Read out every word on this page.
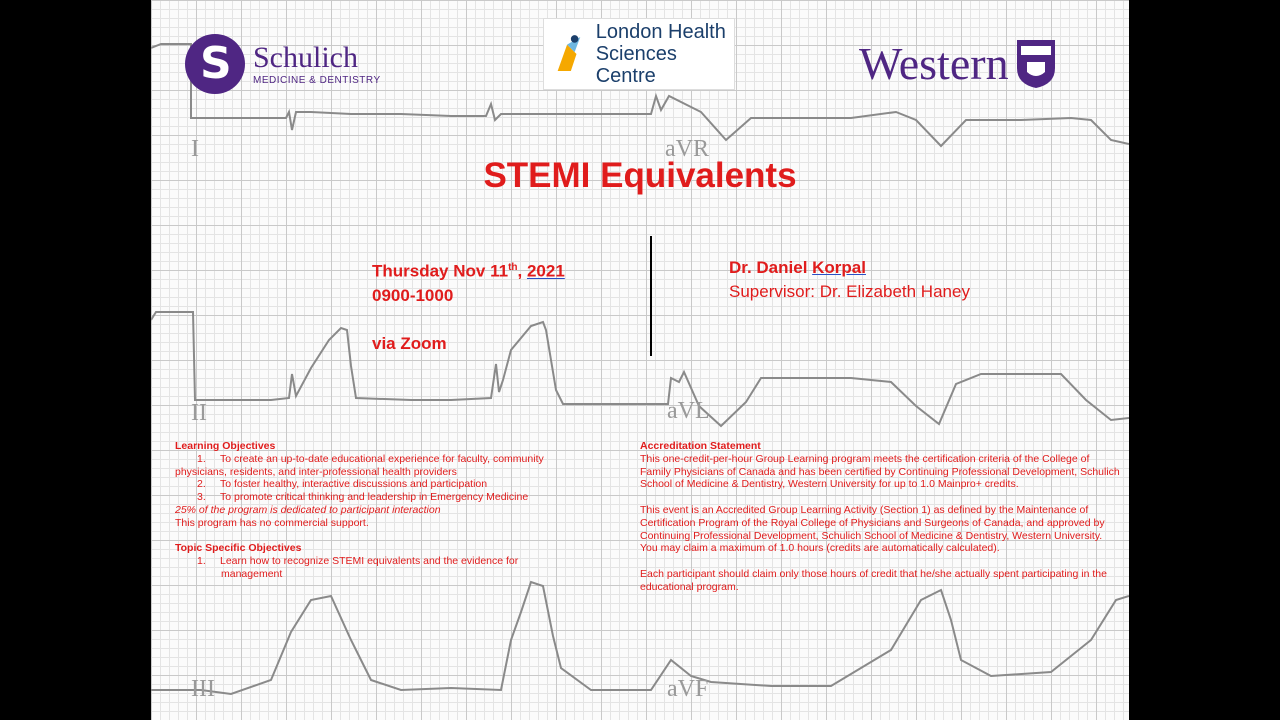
I	aVR
II	aVL
III	aVF
S Schulich
MEDICINE & DENTISTRY
London Health
Sciences Centre	Western
STEMI Equivalents
Thursday Nov 11th, 2021
0900-1000
via Zoom
Dr. Daniel Korpal
Supervisor: Dr. Elizabeth Haney
Learning Objectives
1.	To create an up-to-date educational experience for faculty, community
physicians, residents, and inter-professional health providers
2.	To foster healthy, interactive discussions and participation
3.	To promote critical thinking and leadership in Emergency Medicine
25% of the program is dedicated to participant interaction
This program has no commercial support.
Topic Specific Objectives
1.	Learn how to recognize STEMI equivalents and the evidence for
management
Accreditation Statement
This one-credit-per-hour Group Learning program meets the certification criteria of the College of Family Physicians of Canada and has been certified by Continuing Professional Development, Schulich School of Medicine & Dentistry, Western University for up to 1.0 Mainpro+ credits.
This event is an Accredited Group Learning Activity (Section 1) as defined by the Maintenance of Certification Program of the Royal College of Physicians and Surgeons of Canada, and approved by Continuing Professional Development, Schulich School of Medicine & Dentistry, Western University. You may claim a maximum of 1.0 hours (credits are automatically calculated).
Each participant should claim only those hours of credit that he/she actually spent participating in the educational program.
